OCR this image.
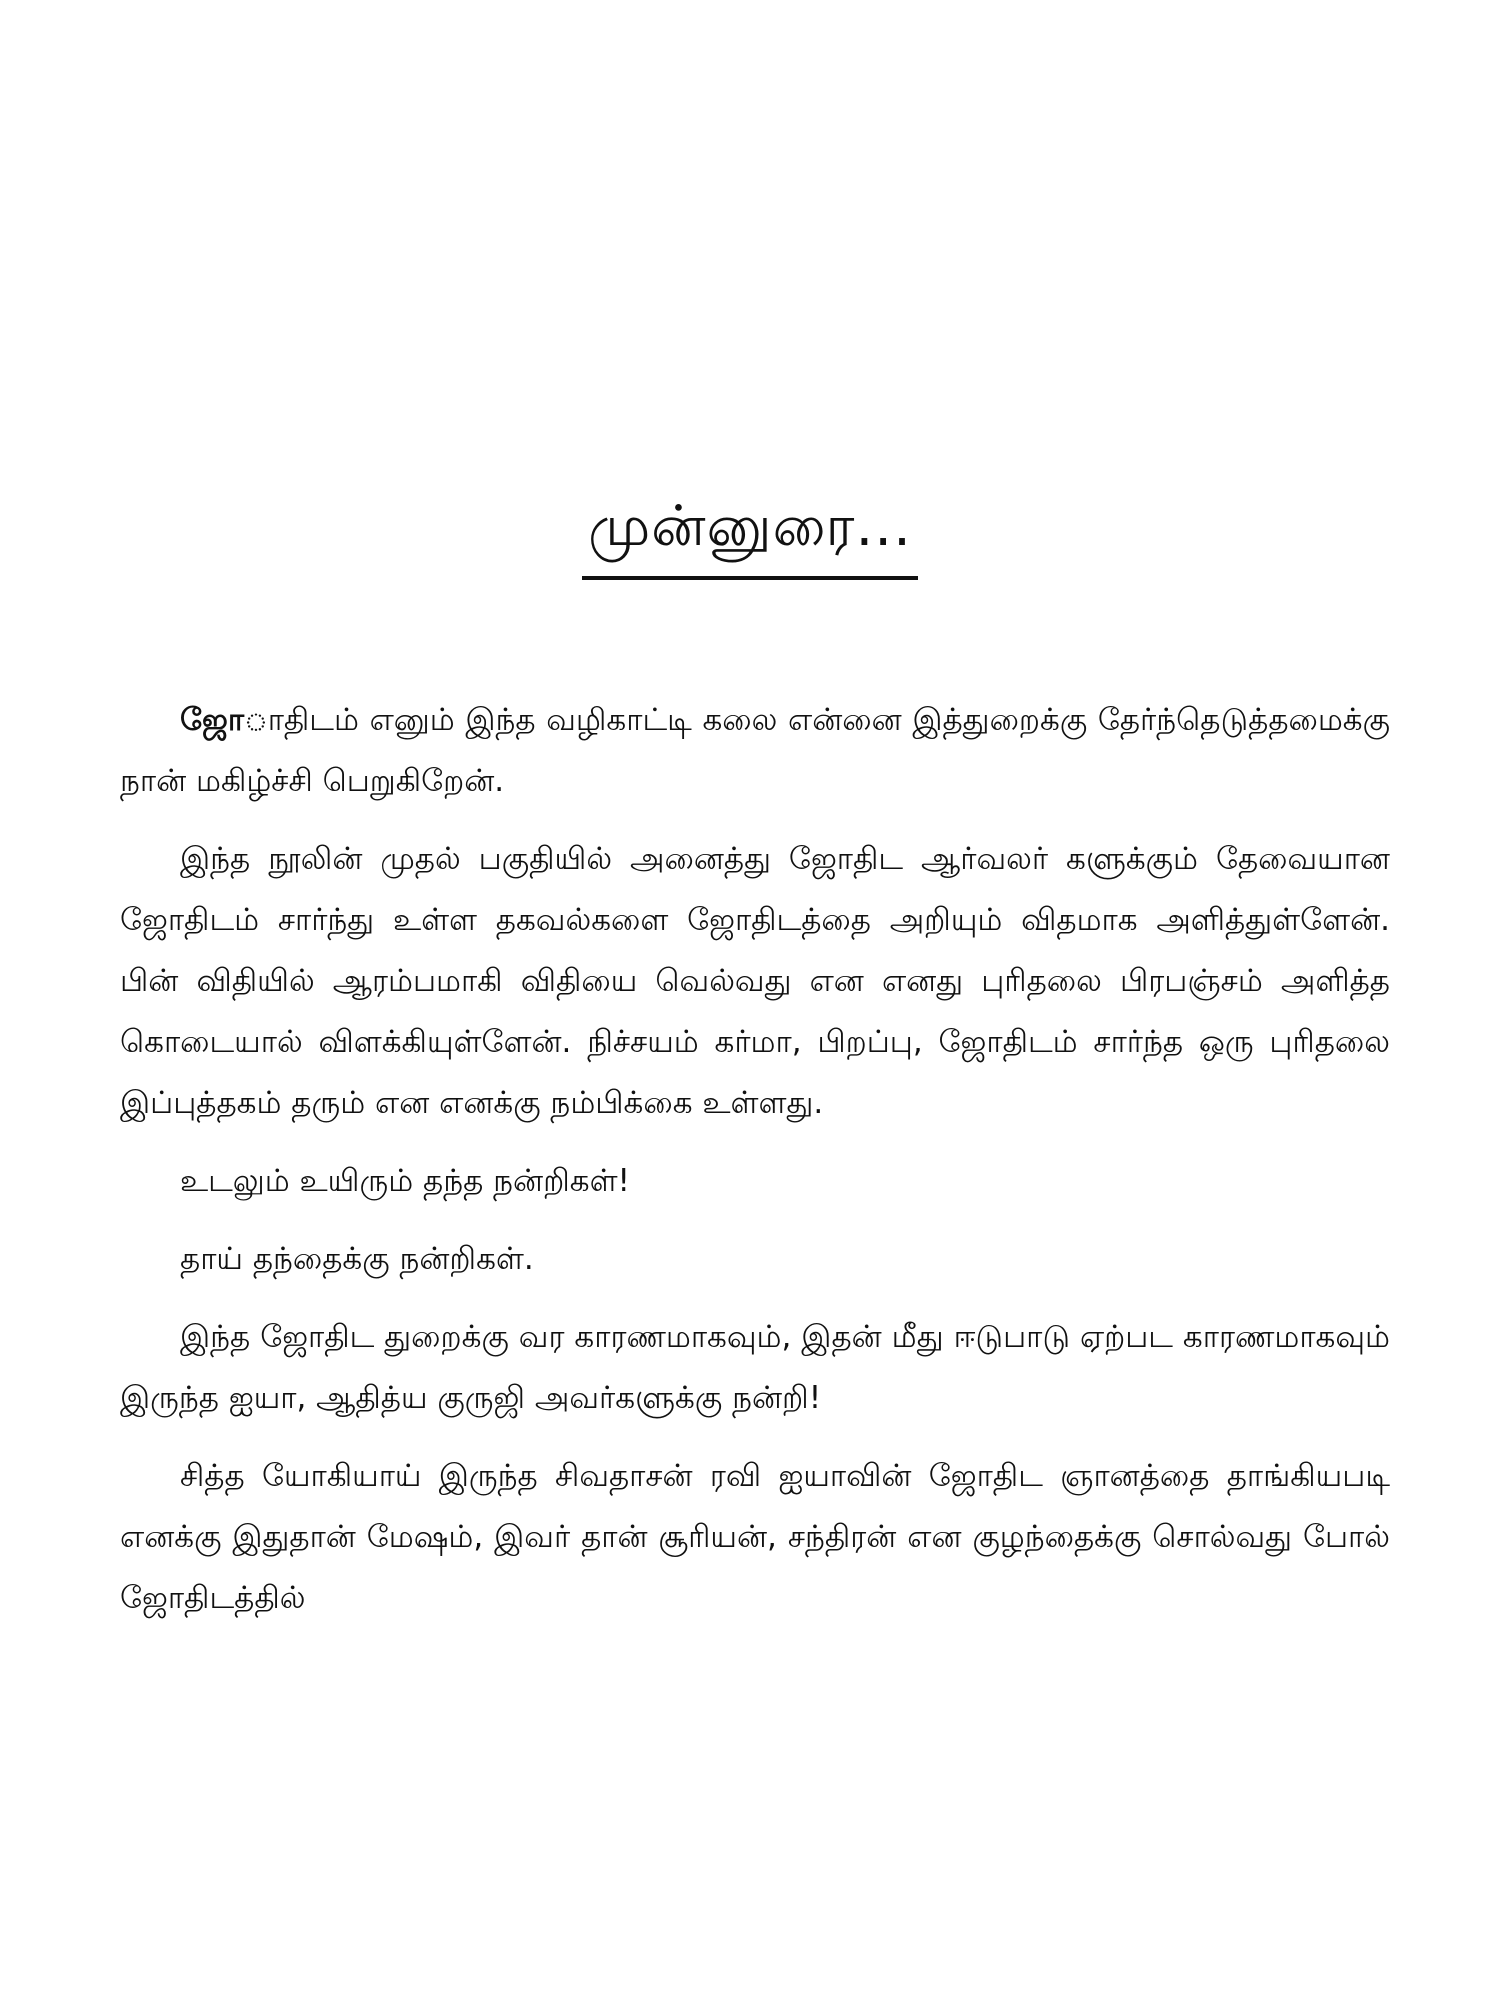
முன்னுரை...

ஜோாதிடம் எனும் இந்த வழிகாட்டி கலை என்னை இத்துறைக்கு தேர்ந்தெடுத்தமைக்கு நான் மகிழ்ச்சி பெறுகிறேன்.

இந்த நூலின் முதல் பகுதியில் அனைத்து ஜோதிட ஆர்வலர் களுக்கும் தேவையான ஜோதிடம் சார்ந்து உள்ள தகவல்களை ஜோதிடத்தை அறியும் விதமாக அளித்துள்ளேன். பின் விதியில் ஆரம்பமாகி விதியை வெல்வது என எனது புரிதலை பிரபஞ்சம் அளித்த கொடையால் விளக்கியுள்ளேன். நிச்சயம் கர்மா, பிறப்பு, ஜோதிடம் சார்ந்த ஒரு புரிதலை இப்புத்தகம் தரும் என எனக்கு நம்பிக்கை உள்ளது.

உடலும் உயிரும் தந்த நன்றிகள்!

தாய் தந்தைக்கு நன்றிகள்.

இந்த ஜோதிட துறைக்கு வர காரணமாகவும், இதன் மீது ஈடுபாடு ஏற்பட காரணமாகவும் இருந்த ஐயா, ஆதித்ய குருஜி அவர்களுக்கு நன்றி!

சித்த யோகியாய் இருந்த சிவதாசன் ரவி ஐயாவின் ஜோதிட ஞானத்தை தாங்கியபடி எனக்கு இதுதான் மேஷம், இவர் தான் சூரியன், சந்திரன் என குழந்தைக்கு சொல்வது போல் ஜோதிடத்தில்
